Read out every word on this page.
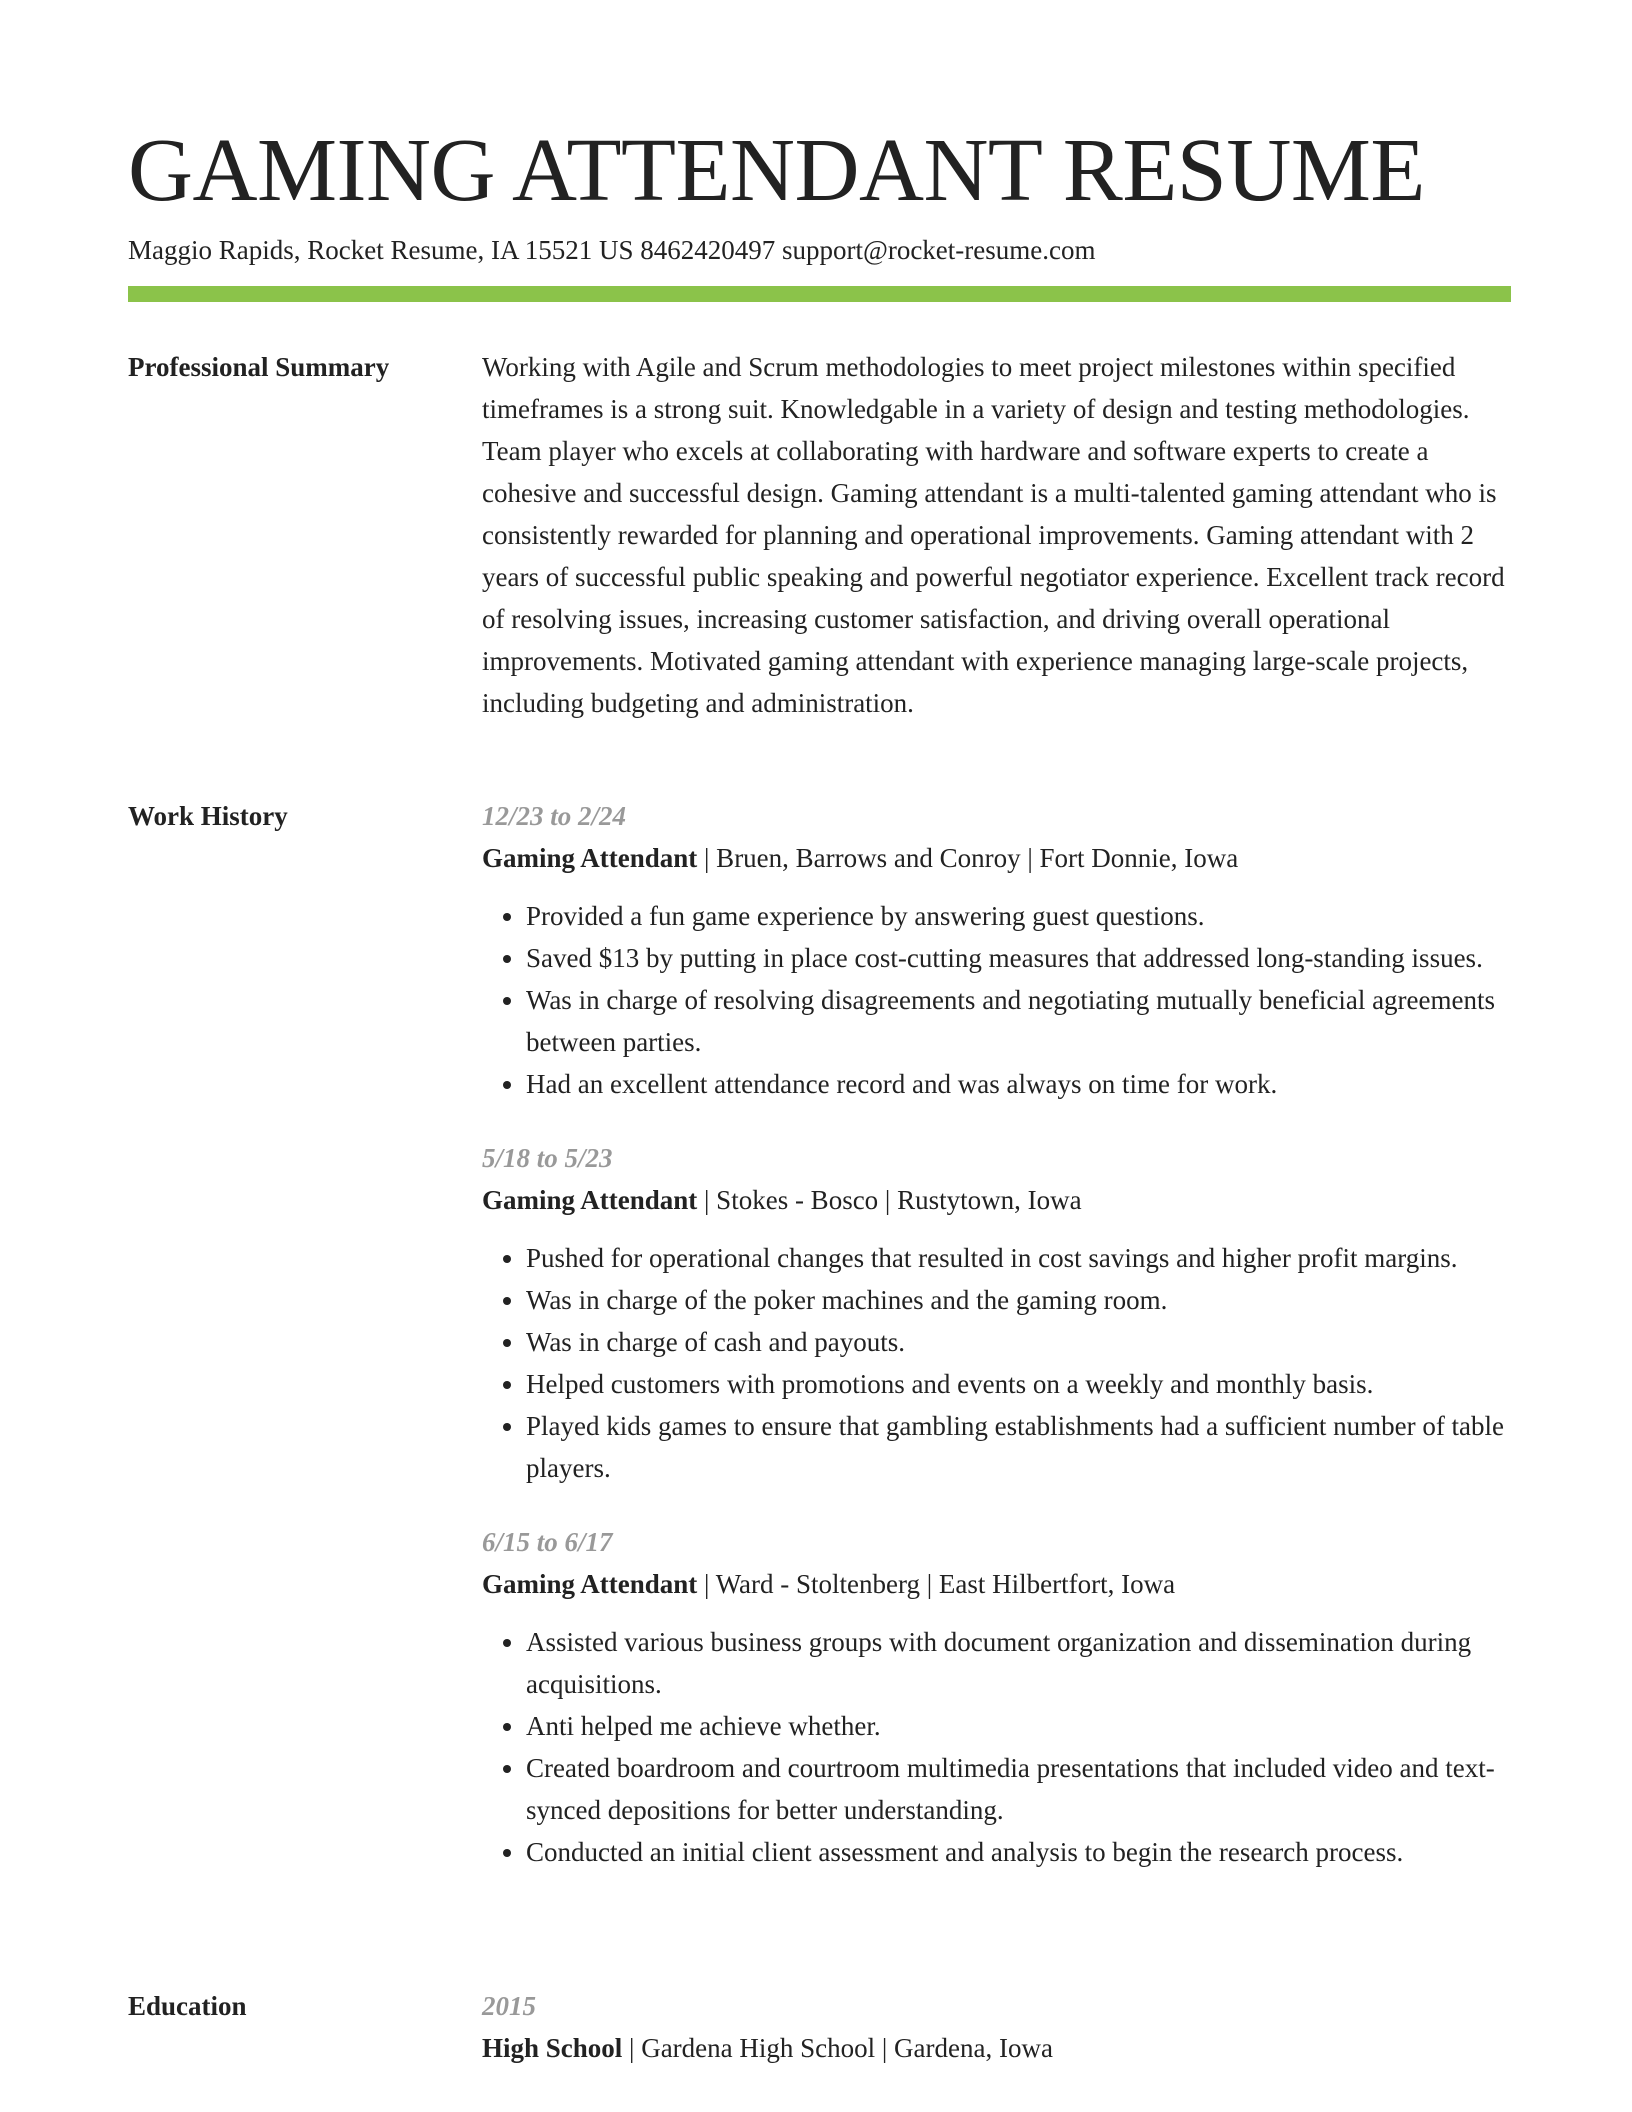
GAMING ATTENDANT RESUME
Maggio Rapids, Rocket Resume, IA 15521 US 8462420497 support@rocket-resume.com
Professional Summary	Working with Agile and Scrum methodologies to meet project milestones within specified timeframes is a strong suit. Knowledgable in a variety of design and testing methodologies. Team player who excels at collaborating with hardware and software experts to create a cohesive and successful design. Gaming attendant is a multi-talented gaming attendant who is consistently rewarded for planning and operational improvements. Gaming attendant with 2 years of successful public speaking and powerful negotiator experience. Excellent track record of resolving issues, increasing customer satisfaction, and driving overall operational improvements. Motivated gaming attendant with experience managing large-scale projects, including budgeting and administration.

Work History	12/23 to 2/24
Gaming Attendant | Bruen, Barrows and Conroy | Fort Donnie, Iowa
• Provided a fun game experience by answering guest questions.
• Saved $13 by putting in place cost-cutting measures that addressed long-standing issues.
• Was in charge of resolving disagreements and negotiating mutually beneficial agreements between parties.
• Had an excellent attendance record and was always on time for work.
5/18 to 5/23
Gaming Attendant | Stokes - Bosco | Rustytown, Iowa
• Pushed for operational changes that resulted in cost savings and higher profit margins.
• Was in charge of the poker machines and the gaming room.
• Was in charge of cash and payouts.
• Helped customers with promotions and events on a weekly and monthly basis.
• Played kids games to ensure that gambling establishments had a sufficient number of table players.
6/15 to 6/17
Gaming Attendant | Ward - Stoltenberg | East Hilbertfort, Iowa
• Assisted various business groups with document organization and dissemination during acquisitions.
• Anti helped me achieve whether.
• Created boardroom and courtroom multimedia presentations that included video and text-synced depositions for better understanding.
• Conducted an initial client assessment and analysis to begin the research process.
Education	2015
High School | Gardena High School | Gardena, Iowa
